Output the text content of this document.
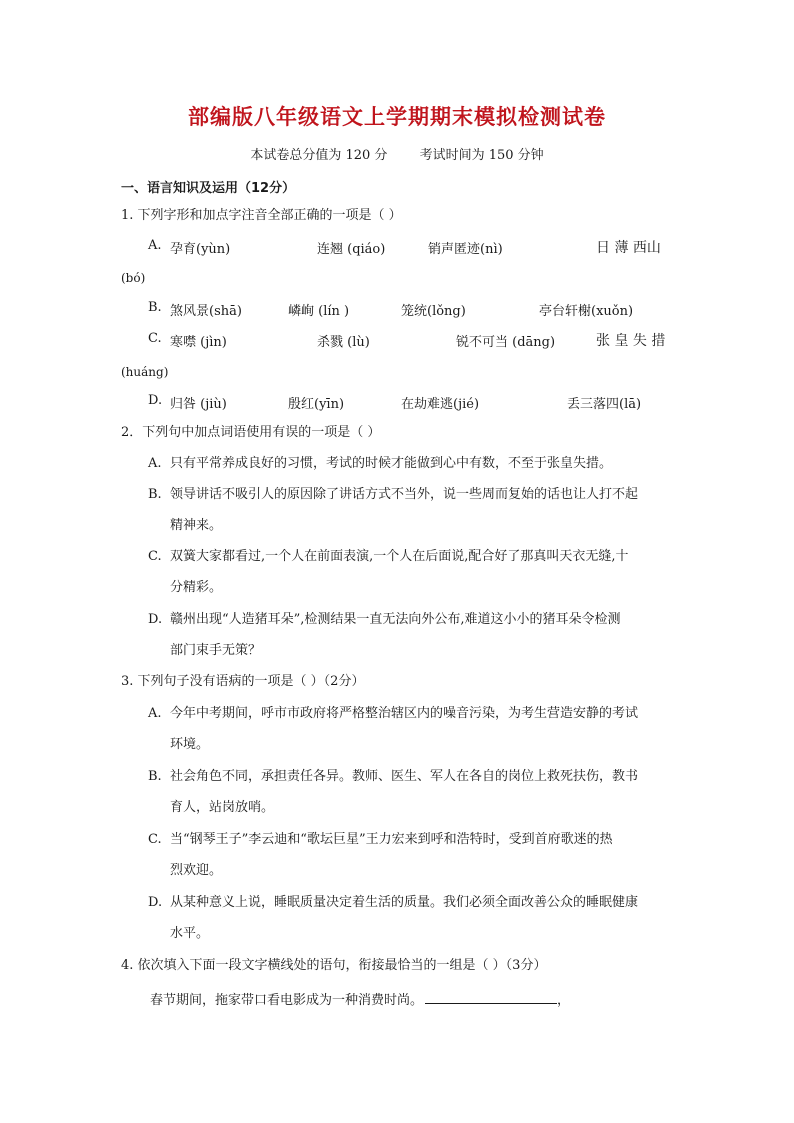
部编版八年级语文上学期期末模拟检测试卷
本试卷总分值为 120 分 考试时间为 150 分钟
一、语言知识及运用（12分）
1. 下列字形和加点字注音全部正确的一项是（ ）
A. 孕育(yùn)	连翘 (qiáo)	销声匿迹(nì)	日 薄 西山
(bó)
B. 煞风景(shā)	嶙峋 (lín )	笼统(lǒng)	亭台轩榭(xuǒn)
C. 寒噤 (jìn)	杀戮 (lù)	锐不可当 (dāng)	张 皇 失 措
(huáng)
D. 归咎 (jiù)	殷红(yīn)	在劫难逃(jié)	丢三落四(lā)
2．下列句中加点词语使用有误的一项是（ ）
A. 只有平常养成良好的习惯，考试的时候才能做到心中有数，不至于张皇失措。
B. 领导讲话不吸引人的原因除了讲话方式不当外，说一些周而复始的话也让人打不起
精神来。
C. 双簧大家都看过,一个人在前面表演,一个人在后面说,配合好了那真叫天衣无缝,十
分精彩。
D. 赣州出现“人造猪耳朵”,检测结果一直无法向外公布,难道这小小的猪耳朵令检测
部门束手无策？
3. 下列句子没有语病的一项是（ ）（2分）
A. 今年中考期间，呼市市政府将严格整治辖区内的噪音污染，为考生营造安静的考试
环境。
B. 社会角色不同，承担责任各异。教师、医生、军人在各自的岗位上救死扶伤，教书
育人，站岗放哨。
C. 当“钢琴王子”李云迪和“歌坛巨星”王力宏来到呼和浩特时，受到首府歌迷的热
烈欢迎。
D. 从某种意义上说，睡眠质量决定着生活的质量。我们必须全面改善公众的睡眠健康
水平。
4. 依次填入下面一段文字横线处的语句，衔接最恰当的一组是（ ）（3分）
春节期间，拖家带口看电影成为一种消费时尚。	，
